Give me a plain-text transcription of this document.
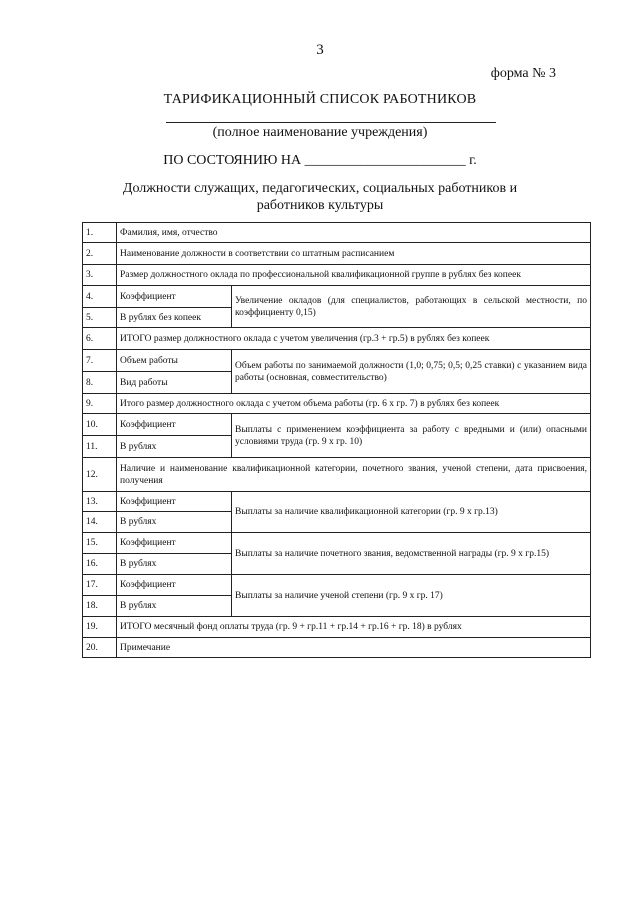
3
форма № 3
ТАРИФИКАЦИОННЫЙ СПИСОК РАБОТНИКОВ
(полное наименование учреждения)
ПО СОСТОЯНИЮ НА _______________________ г.
Должности служащих, педагогических, социальных работников и работников культуры
1.	Фамилия, имя, отчество	
2.	Наименование должности в соответствии со штатным расписанием	
3.	Размер должностного оклада по профессиональной квалификационной группе в рублях без копеек	
4.	Коэффициент	Увеличение окладов (для специалистов, работающих в сельской местности, по коэффициенту 0,15)
5.	В рублях без копеек	
6.	ИТОГО размер должностного оклада с учетом увеличения (гр.3 + гр.5) в рублях без копеек	
7.	Объем работы	Объем работы по занимаемой должности (1,0; 0,75; 0,5; 0,25 ставки) с указанием вида работы (основная, совместительство)
8.	Вид работы	
9.	Итого размер должностного оклада с учетом объема работы (гр. 6 х гр. 7) в рублях без копеек	
10.	Коэффициент	Выплаты с применением коэффициента за работу с вредными и (или) опасными условиями труда (гр. 9 х гр. 10)
11.	В рублях	
12.	Наличие и наименование квалификационной категории, почетного звания, ученой степени, дата присвоения, получения	
13.	Коэффициент	Выплаты за наличие квалификационной категории (гр. 9 х гр.13)
14.	В рублях	
15.	Коэффициент	Выплаты за наличие почетного звания, ведомственной награды (гр. 9 х гр.15)
16.	В рублях	
17.	Коэффициент	Выплаты за наличие ученой степени (гр. 9 х гр. 17)
18.	В рублях	
19.	ИТОГО месячный фонд оплаты труда (гр. 9 + гр.11 + гр.14 + гр.16 + гр. 18) в рублях	
20.	Примечание	
